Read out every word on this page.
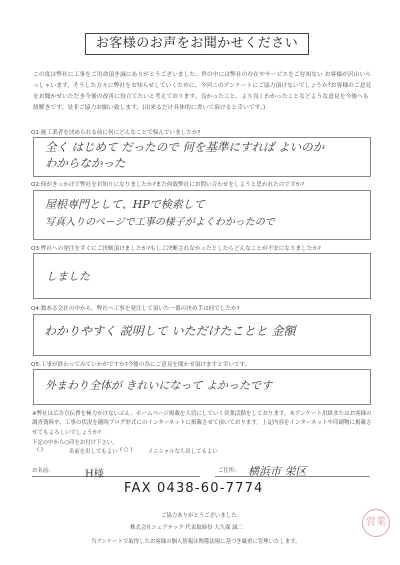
お客様のお声をお聞かせください
この度は弊社に工事をご用命頂き誠にありがとうございました。世の中には弊社の存在やサービスをご存知ない お客様が沢山いらっしゃいます。そうした方々に弊社をお知らせしていくために、今回このアンケートにご協力頂けないでしょうか?お客様のご意見をお聞かせいただき今後の改善に役立てたいと考えております。良かったこと、より良くわかったことなどような意見を今後へも紐解きです。是非ご協力お願い致します。(出来るだけ具体的に書いて頂けると幸いです。)
Q1:施工業者を決められる前に何にどんなことで悩んでいましたか?
全く はじめて だったので 何を基準にすれば よいのか
わからなかった
Q2:何がきっかけで弊社をお知りになりましたか?また何故弊社にお問い合わせをしようと思われたのですか?
屋根専門として、HPで検索して
写真入りのページで工事の様子がよくわかったので
Q3:弊社への発注をすぐにご決断頂けましたか?もしご決断されなかったとしたらどんなことが不安になりましたか?
しました
Q4:数ある会社の中から、弊社へ工事を発注して頂いた一番の決め手は何でしたか?
わかりやすく 説明して いただけたことと 金額
Q5:工事が終わってみていかがですか?今後の為にご意見を聞かせ頂けますと幸いです。
外まわり全体が きれいになって よかったです
※弊社は広告宣伝費を極力かけないぶん、ホームページ掲載を大切にしていく営業活動をしております。本アンケート用紙またはお客様の調査資料や、工事の状況を随時ブログ形式にのインターネットに掲載させて頂いております。上記内容をインターネットや印刷物に掲載させてもよろしいでしょうか?
下記の中から○印をお付け下さい。
( )	名前を出してもよい ( ○ )	イニシャルなら出してもよい
お名前:	H様	ご住所: 横浜市 栄区
FAX 0438-60-7774
ご協力ありがとうございました。
株式会社シェアテック 代表取締役 大久保 誠二
当アンケートで取得したお客様の個人情報は関係法規に基づき厳重に管理いたします。
営業
